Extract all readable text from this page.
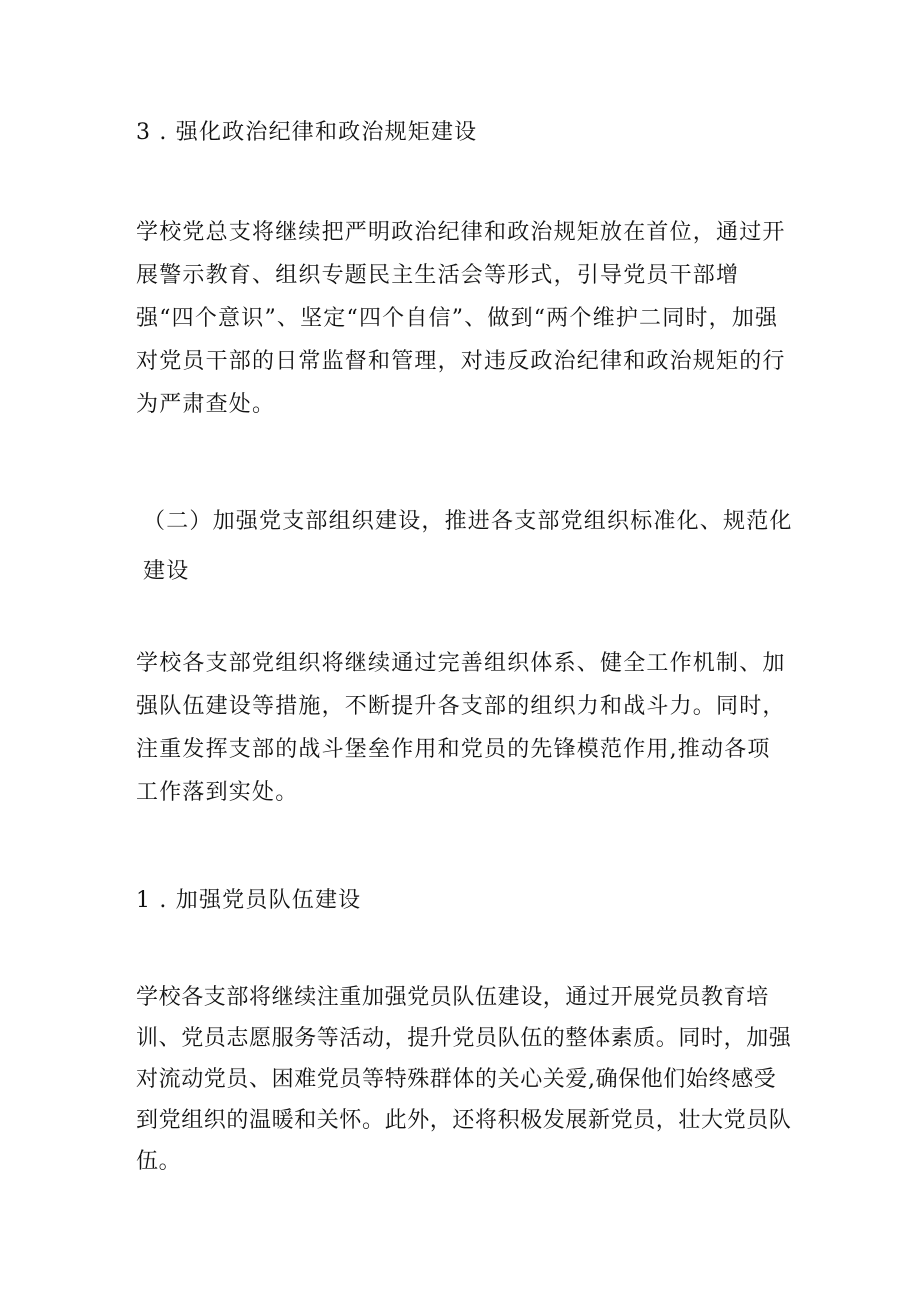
3 . 强化政治纪律和政治规矩建设

学校党总支将继续把严明政治纪律和政治规矩放在首位，通过开展警示教育、组织专题民主生活会等形式，引导党员干部增强“四个意识”、坚定“四个自信”、做到“两个维护二同时，加强对党员干部的日常监督和管理，对违反政治纪律和政治规矩的行为严肃查处。

（二）加强党支部组织建设，推进各支部党组织标准化、规范化建设

学校各支部党组织将继续通过完善组织体系、健全工作机制、加强队伍建设等措施，不断提升各支部的组织力和战斗力。同时，注重发挥支部的战斗堡垒作用和党员的先锋模范作用,推动各项工作落到实处。

1 . 加强党员队伍建设

学校各支部将继续注重加强党员队伍建设，通过开展党员教育培训、党员志愿服务等活动，提升党员队伍的整体素质。同时，加强对流动党员、困难党员等特殊群体的关心关爱,确保他们始终感受到党组织的温暖和关怀。此外，还将积极发展新党员，壮大党员队伍。
